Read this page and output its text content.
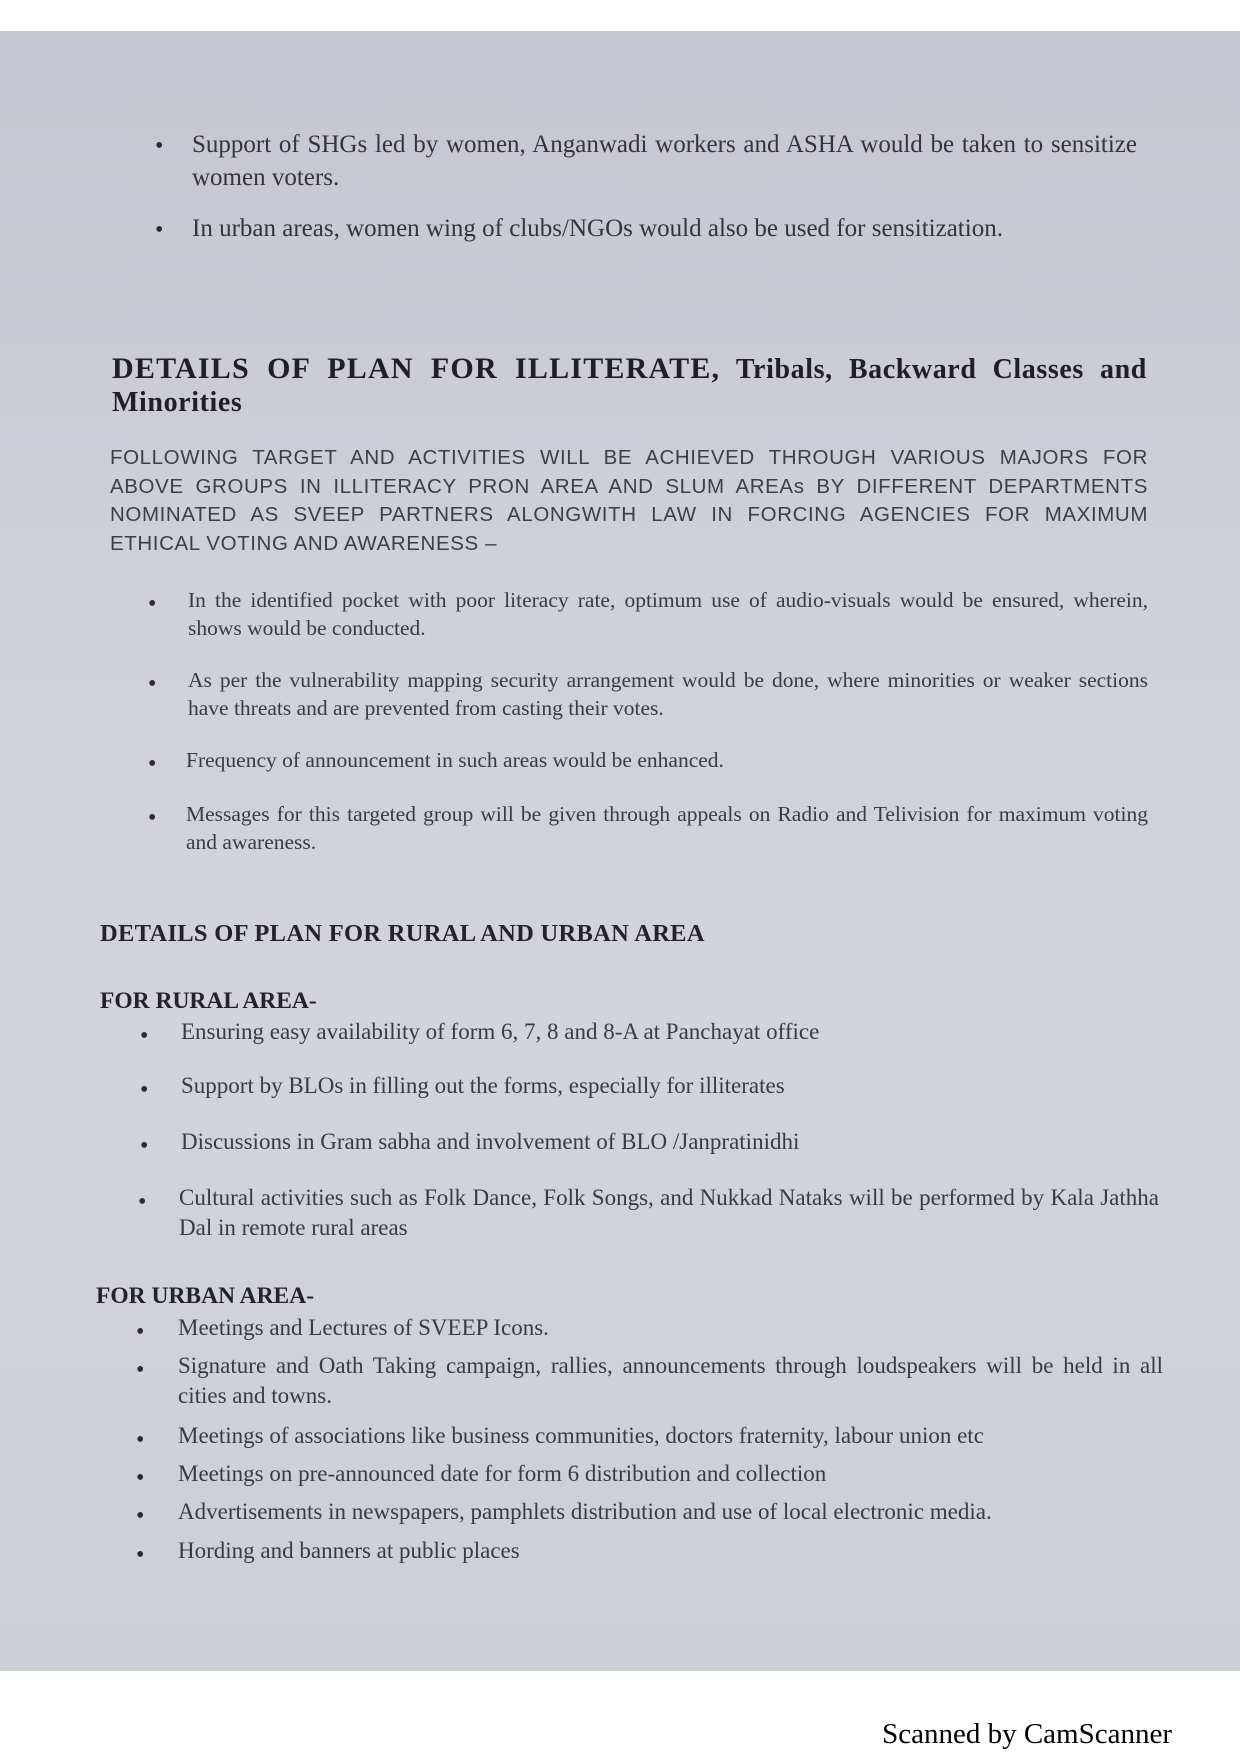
• Support of SHGs led by women, Anganwadi workers and ASHA would be taken to sensitize women voters.

• In urban areas, women wing of clubs/NGOs would also be used for sensitization.

DETAILS OF PLAN FOR ILLITERATE, Tribals, Backward Classes and Minorities

FOLLOWING TARGET AND ACTIVITIES WILL BE ACHIEVED THROUGH VARIOUS MAJORS FOR ABOVE GROUPS IN ILLITERACY PRON AREA AND SLUM AREAs BY DIFFERENT DEPARTMENTS NOMINATED AS SVEEP PARTNERS ALONGWITH LAW IN FORCING AGENCIES FOR MAXIMUM ETHICAL VOTING AND AWARENESS –

• In the identified pocket with poor literacy rate, optimum use of audio-visuals would be ensured, wherein, shows would be conducted.

• As per the vulnerability mapping security arrangement would be done, where minorities or weaker sections have threats and are prevented from casting their votes.

• Frequency of announcement in such areas would be enhanced.

• Messages for this targeted group will be given through appeals on Radio and Telivision for maximum voting and awareness.

DETAILS OF PLAN FOR RURAL AND URBAN AREA
FOR RURAL AREA-
• Ensuring easy availability of form 6, 7, 8 and 8-A at Panchayat office

• Support by BLOs in filling out the forms, especially for illiterates

• Discussions in Gram sabha and involvement of BLO /Janpratinidhi

• Cultural activities such as Folk Dance, Folk Songs, and Nukkad Nataks will be performed by Kala Jathha Dal in remote rural areas

FOR URBAN AREA-
• Meetings and Lectures of SVEEP Icons.

• Signature and Oath Taking campaign, rallies, announcements through loudspeakers will be held in all cities and towns.

• Meetings of associations like business communities, doctors fraternity, labour union etc

• Meetings on pre-announced date for form 6 distribution and collection

• Advertisements in newspapers, pamphlets distribution and use of local electronic media.

• Hording and banners at public places

Scanned by CamScanner
